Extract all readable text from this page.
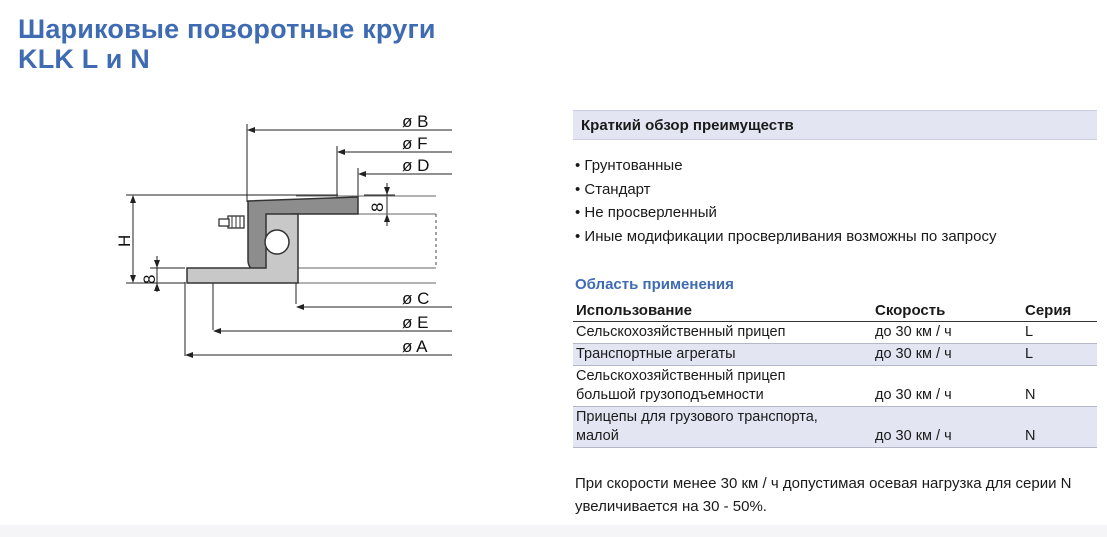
Шариковые поворотные круги
KLK L и N
ø B
ø F
ø D
ø C
ø E
ø A
H
8
8
Краткий обзор преимуществ
• Грунтованные
• Стандарт
• Не просверленный
• Иные модификации просверливания возможны по запросу
Область применения
Использование	Скорость	Серия
Сельскохозяйственный прицеп	до 30 км / ч	L
Транспортные агрегаты	до 30 км / ч	L

Сельскохозяйственный прицеп
большой грузоподъемности	до 30 км / ч	N

Прицепы для грузового транспорта,
малой	до 30 км / ч	N
При скорости менее 30 км / ч допустимая осевая нагрузка для серии N увеличивается на 30 - 50%.
